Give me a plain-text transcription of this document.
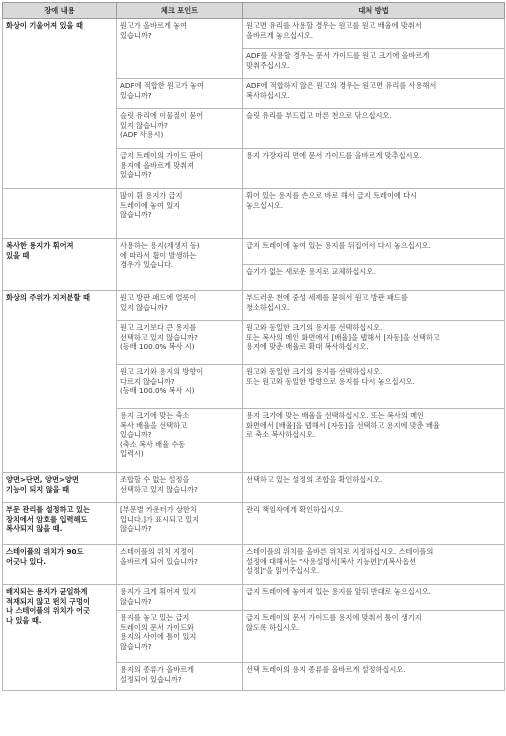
장애 내용	체크 포인트	대처 방법

화상이 기울어져 있을 때	원고가 올바르게 놓여
있습니까?	원고면 유리를 사용할 경우는 원고를 원고 배율에 맞춰서
올바르게 놓으십시오.

		ADF를 사용할 경우는 문서 가이드를 원고 크기에 올바르게
맞춰주십시오.

	ADF에 적합한 원고가 놓여
있습니까?	ADF에 적합하지 않은 원고의 경우는 원고면 유리를 사용해서
복사하십시오.

	슬릿 유리에 이물질이 묻어
있지 않습니까?
(ADF 사용시)	슬릿 유리를 부드럽고 마른 천으로 닦으십시오.

	급지 트레이의 가이드 판이
용지에 올바르게 맞춰져
있습니까?	용지 가장자리 면에 문서 가이드를 올바르게 맞추십시오.

	많이 휜 용지가 급지
트레이에 놓여 있지
않습니까?	휘어 있는 용지를 손으로 바로 해서 급지 트레이에 다시
놓으십시오.

복사한 용지가 휘어져
있을 때	사용하는 용지(재생지 등)
에 따라서 휨이 발생하는
경우가 있습니다.	급지 트레이에 놓여 있는 용지를 뒤집어서 다시 놓으십시오.

		습기가 없는 새로운 용지로 교체하십시오.

화상의 주위가 지저분할 때	원고 방판 패드에 얼룩이
있지 않습니까?	부드러운 천에 중성 세제를 묻혀서 원고 방판 패드를
청소하십시오.

	원고 크기보다 큰 용지를
선택하고 있지 않습니까?
(등배 100.0% 복사 시)	원고와 동일한 크기의 용지를 선택하십시오.
또는 복사의 메인 화면에서 [배율]을 탭해서 [자동]을 선택하고
용지에 맞춘 배율로 확대 복사하십시오.

	원고 크기와 용지의 방향이
다르지 않습니까?
(등배 100.0% 복사 시)	원고와 동일한 크기의 용지를 선택하십시오.
또는 원고와 동일한 방향으로 용지를 다시 놓으십시오.

	용지 크기에 맞는 축소
복사 배율을 선택하고
있습니까?
(축소 복사 배율 수동
입력시)	용지 크기에 맞는 배율을 선택하십시오. 또는 복사의 메인
화면에서 [배율]을 탭해서 [자동]을 선택하고 용지에 맞춘 배율
로 축소 복사하십시오.

양면>단면, 양면>양면
기능이 되지 않을 때	조합할 수 없는 설정을
선택하고 있지 않습니까?	선택하고 있는 설정의 조합을 확인하십시오.

부문 관리를 설정하고 있는
장치에서 암호를 입력해도
복사되지 않을 때.	[부문별 카운터가 상한치
입니다.]가 표시되고 있지
않습니까?	관리 책임자에게 확인하십시오.

스테이플의 위치가 90도
어긋나 있다.	스테이플의 위치 지정이
올바르게 되어 있습니까?	스테이플의 위치를 올바른 위치로 지정하십시오. 스테이플의
설정에 대해서는 "사용설명서[복사 기능편]"/[복사옵션
설정]"을 읽어주십시오.

배지되는 용지가 균일하게
적재되지 않고 펀치 구멍이
나 스테이플의 위치가 어긋
나 있을 때.	용지가 크게 휘어져 있지
않습니까?	급지 트레이에 놓여져 있는 용지를 앞뒤 반대로 놓으십시오.

	용지를 놓고 있는 급지
트레이의 문서 가이드와
용지의 사이에 틈이 있지
않습니까?	급지 트레이의 문서 가이드를 용지에 맞춰서 틈이 생기지
않도록 하십시오.

	용지의 종류가 올바르게
설정되어 있습니까?	선택 트레이의 용지 종류를 올바르게 설정하십시오.
